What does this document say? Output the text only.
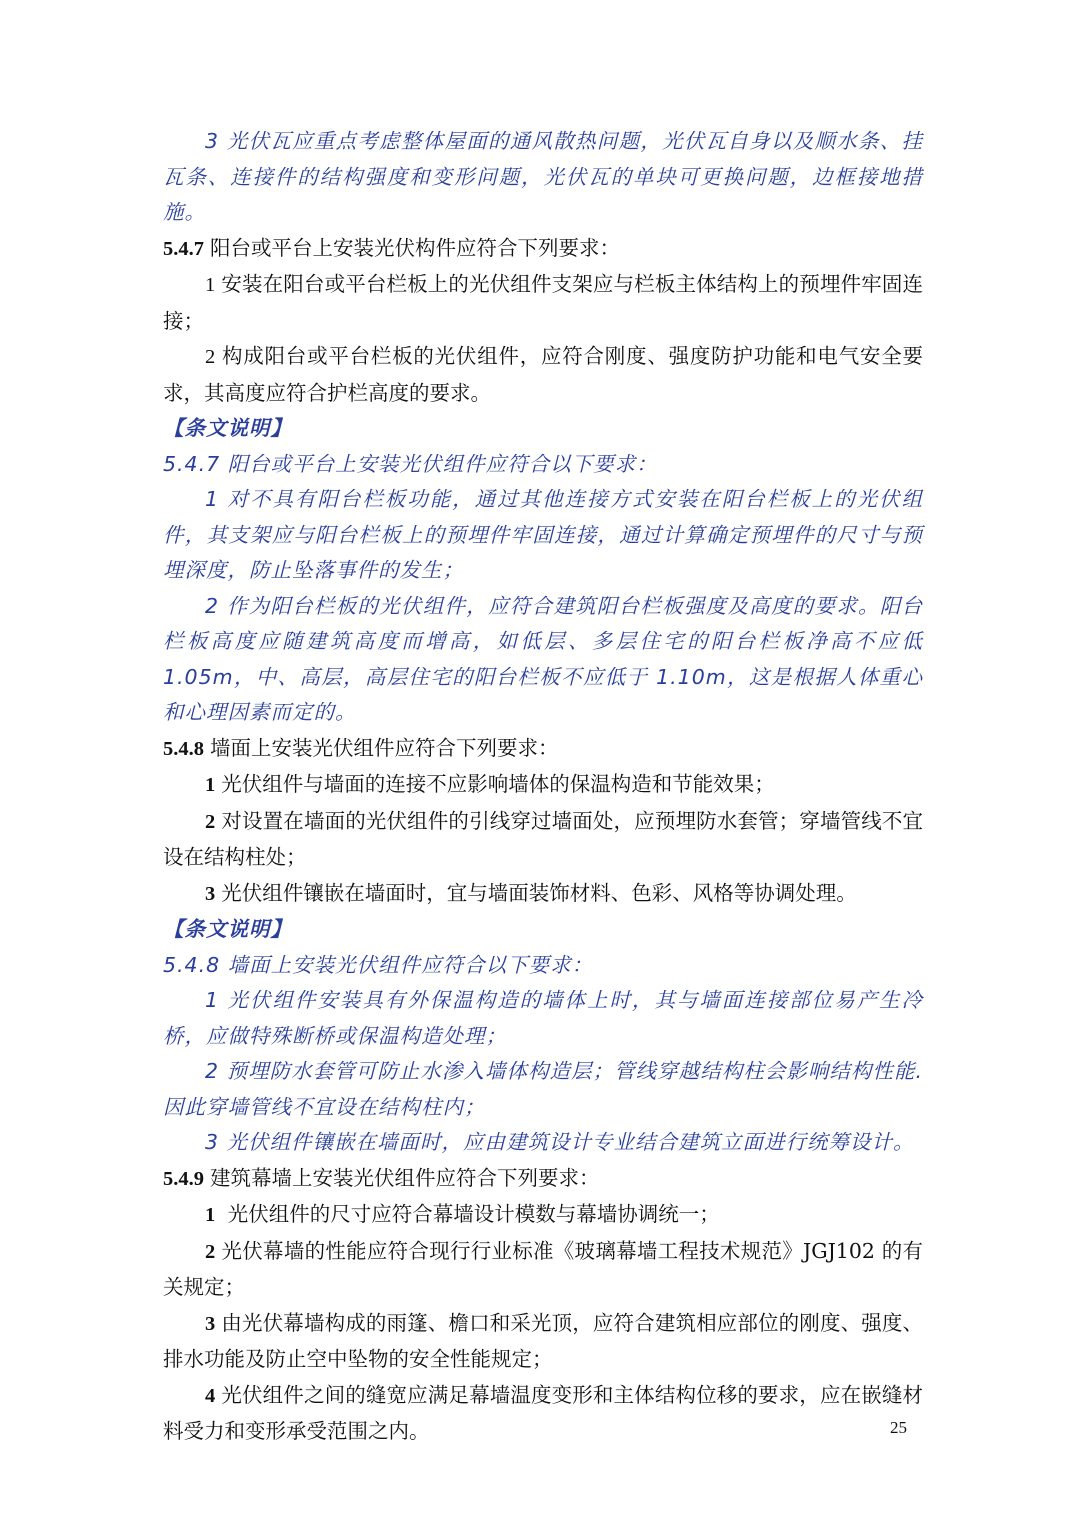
3 光伏瓦应重点考虑整体屋面的通风散热问题，光伏瓦自身以及顺水条、挂瓦条、连接件的结构强度和变形问题，光伏瓦的单块可更换问题，边框接地措施。

5.4.7 阳台或平台上安装光伏构件应符合下列要求：

1 安装在阳台或平台栏板上的光伏组件支架应与栏板主体结构上的预埋件牢固连接；

2 构成阳台或平台栏板的光伏组件，应符合刚度、强度防护功能和电气安全要求，其高度应符合护栏高度的要求。

【条文说明】

5.4.7 阳台或平台上安装光伏组件应符合以下要求：

1 对不具有阳台栏板功能，通过其他连接方式安装在阳台栏板上的光伏组件，其支架应与阳台栏板上的预埋件牢固连接，通过计算确定预埋件的尺寸与预埋深度，防止坠落事件的发生；

2 作为阳台栏板的光伏组件，应符合建筑阳台栏板强度及高度的要求。阳台栏板高度应随建筑高度而增高，如低层、多层住宅的阳台栏板净高不应低 1.05m，中、高层，高层住宅的阳台栏板不应低于 1.10m，这是根据人体重心和心理因素而定的。

5.4.8 墙面上安装光伏组件应符合下列要求：

1 光伏组件与墙面的连接不应影响墙体的保温构造和节能效果；

2 对设置在墙面的光伏组件的引线穿过墙面处，应预埋防水套管；穿墙管线不宜设在结构柱处；

3 光伏组件镶嵌在墙面时，宜与墙面装饰材料、色彩、风格等协调处理。

【条文说明】

5.4.8 墙面上安装光伏组件应符合以下要求：

1 光伏组件安装具有外保温构造的墙体上时，其与墙面连接部位易产生冷桥，应做特殊断桥或保温构造处理；

2 预埋防水套管可防止水渗入墙体构造层；管线穿越结构柱会影响结构性能.因此穿墙管线不宜设在结构柱内；

3 光伏组件镶嵌在墙面时，应由建筑设计专业结合建筑立面进行统筹设计。

5.4.9 建筑幕墙上安装光伏组件应符合下列要求：

1 光伏组件的尺寸应符合幕墙设计模数与幕墙协调统一；

2 光伏幕墙的性能应符合现行行业标准《玻璃幕墙工程技术规范》JGJ102 的有关规定；

3 由光伏幕墙构成的雨篷、檐口和采光顶，应符合建筑相应部位的刚度、强度、排水功能及防止空中坠物的安全性能规定；

4 光伏组件之间的缝宽应满足幕墙温度变形和主体结构位移的要求，应在嵌缝材料受力和变形承受范围之内。	25
